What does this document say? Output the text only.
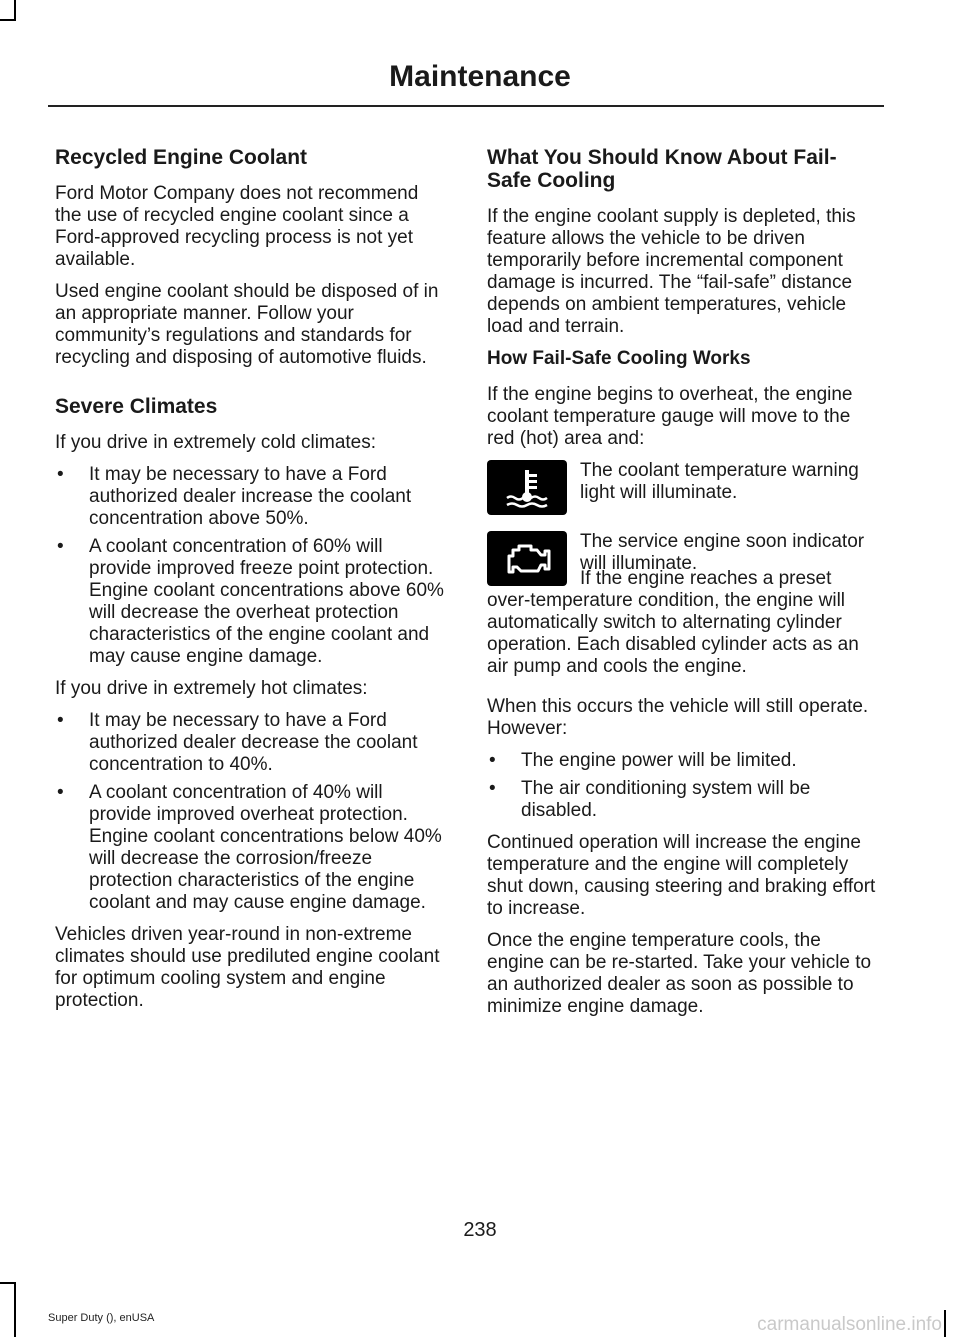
Maintenance
Recycled Engine Coolant

Ford Motor Company does not recommend the use of recycled engine coolant since a Ford-approved recycling process is not yet available.

Used engine coolant should be disposed of in an appropriate manner. Follow your community’s regulations and standards for recycling and disposing of automotive fluids.

Severe Climates

If you drive in extremely cold climates:

• It may be necessary to have a Ford authorized dealer increase the coolant concentration above 50%.
• A coolant concentration of 60% will provide improved freeze point protection. Engine coolant concentrations above 60% will decrease the overheat protection characteristics of the engine coolant and may cause engine damage.

If you drive in extremely hot climates:

• It may be necessary to have a Ford authorized dealer decrease the coolant concentration to 40%.
• A coolant concentration of 40% will provide improved overheat protection. Engine coolant concentrations below 40% will decrease the corrosion/freeze protection characteristics of the engine coolant and may cause engine damage.

Vehicles driven year-round in non-extreme climates should use prediluted engine coolant for optimum cooling system and engine protection.

What You Should Know About Fail-Safe Cooling

If the engine coolant supply is depleted, this feature allows the vehicle to be driven temporarily before incremental component damage is incurred. The “fail-safe” distance depends on ambient temperatures, vehicle load and terrain.

How Fail-Safe Cooling Works

If the engine begins to overheat, the engine coolant temperature gauge will move to the red (hot) area and:

The coolant temperature warning light will illuminate.
The service engine soon indicator will illuminate.

If the engine reaches a preset over-temperature condition, the engine will automatically switch to alternating cylinder operation. Each disabled cylinder acts as an air pump and cools the engine.

When this occurs the vehicle will still operate. However:

• The engine power will be limited.
• The air conditioning system will be disabled.

Continued operation will increase the engine temperature and the engine will completely shut down, causing steering and braking effort to increase.

Once the engine temperature cools, the engine can be re-started. Take your vehicle to an authorized dealer as soon as possible to minimize engine damage.

238
Super Duty (), enUSA	carmanualsonline.info
